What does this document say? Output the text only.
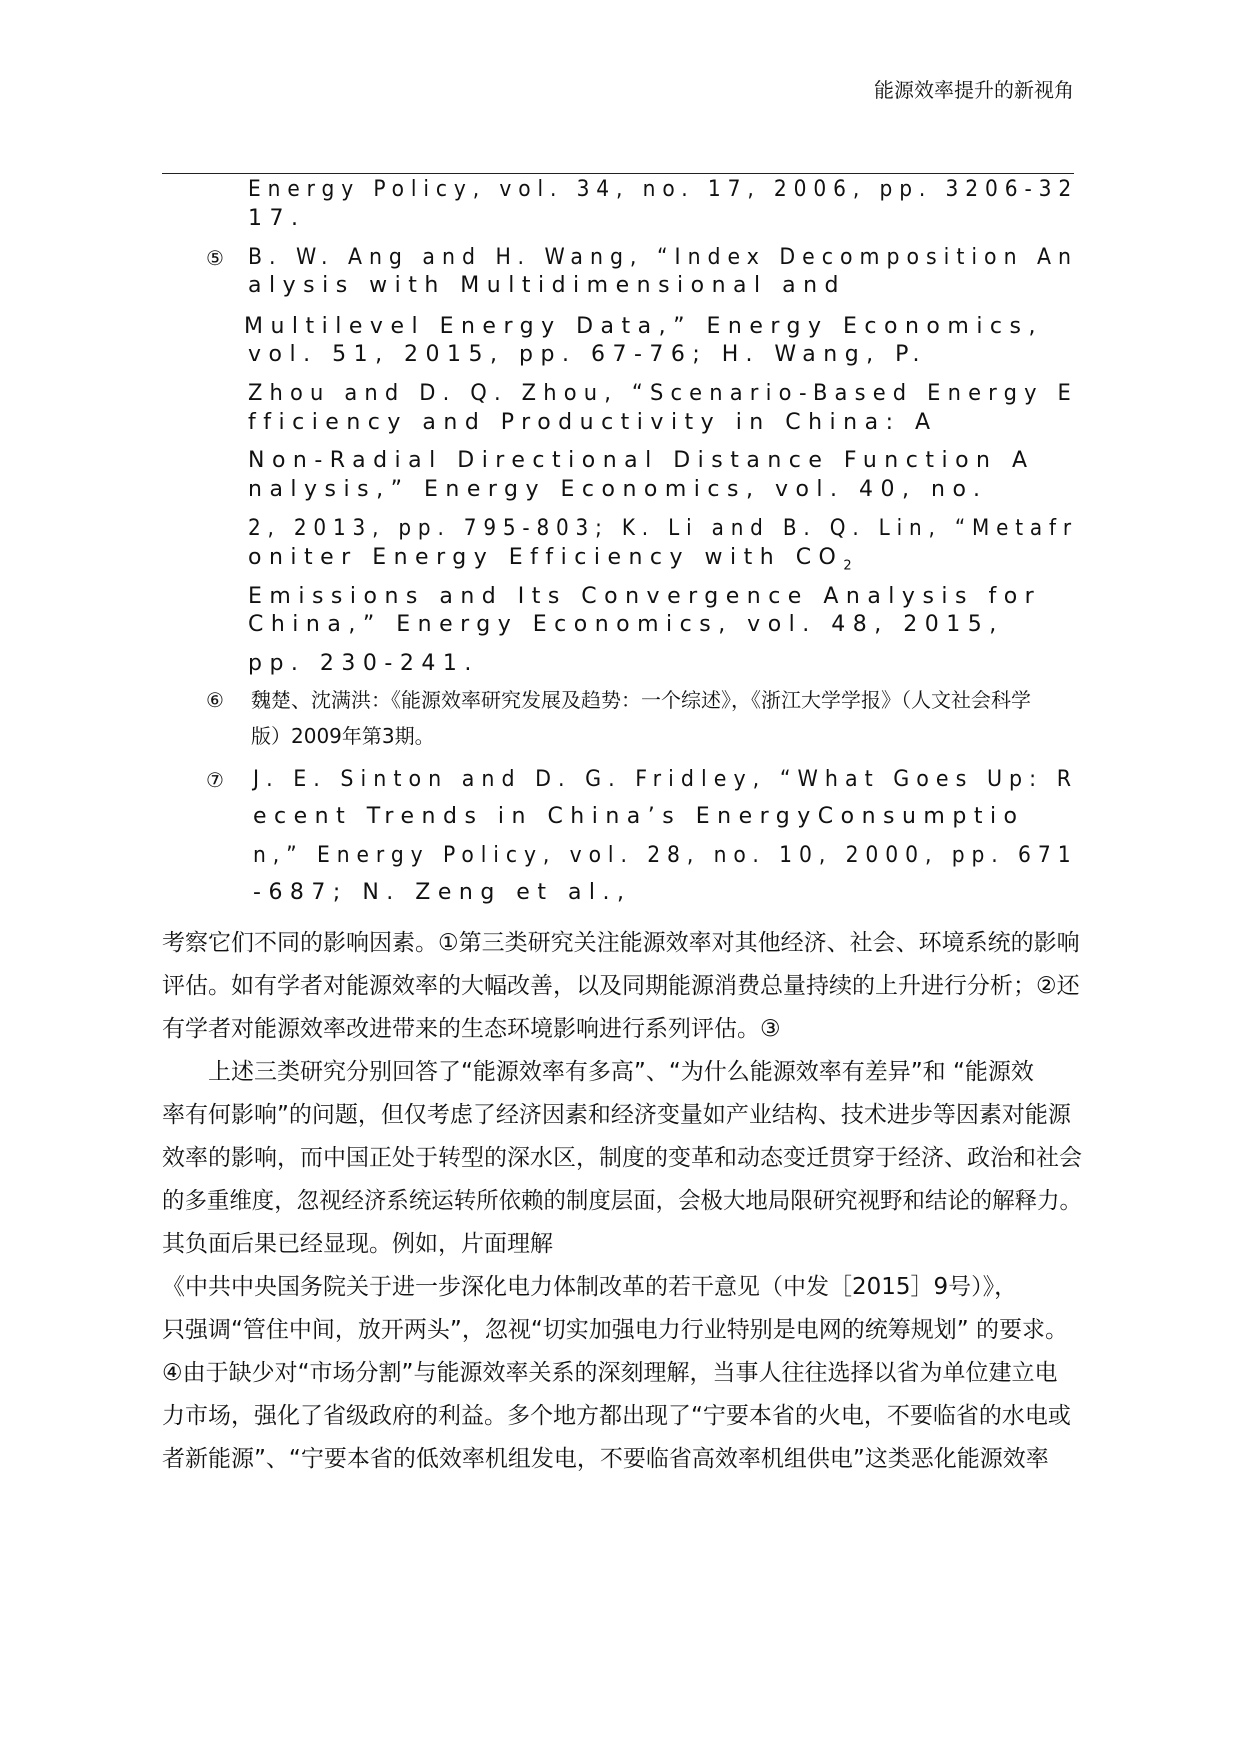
能源效率提升的新视角
Energy Policy, vol. 34, no. 17, 2006, pp. 3206-32
17.
⑤ B. W. Ang and H. Wang, “Index Decomposition An
alysis with Multidimensional and
Multilevel Energy Data,” Energy Economics,
vol. 51, 2015, pp. 67-76; H. Wang, P.
Zhou and D. Q. Zhou, “Scenario-Based Energy E
fficiency and Productivity in China: A
Non-Radial Directional Distance Function A
nalysis,” Energy Economics, vol. 40, no.
2, 2013, pp. 795-803; K. Li and B. Q. Lin, “Metafr
oniter Energy Efficiency with $CO_2$
Emissions and Its Convergence Analysis for
China,” Energy Economics, vol. 48, 2015,
pp. 230-241.
⑥ 魏楚、沈满洪：《能源效率研究发展及趋势：一个综述》，《浙江大学学报》（人文社会科学
版）2009年第3期。
⑦ J. E. Sinton and D. G. Fridley, “What Goes Up: R
ecent Trends in China’s EnergyConsumptio
n,” Energy Policy, vol. 28, no. 10, 2000, pp. 671
-687; N. Zeng et al.,
考察它们不同的影响因素。①第三类研究关注能源效率对其他经济、社会、环境系统的影响
评估。如有学者对能源效率的大幅改善，以及同期能源消费总量持续的上升进行分析；②还
有学者对能源效率改进带来的生态环境影响进行系列评估。③
　　上述三类研究分别回答了“能源效率有多高”、“为什么能源效率有差异”和 “能源效
率有何影响”的问题，但仅考虑了经济因素和经济变量如产业结构、技术进步等因素对能源
效率的影响，而中国正处于转型的深水区，制度的变革和动态变迁贯穿于经济、政治和社会
的多重维度，忽视经济系统运转所依赖的制度层面，会极大地局限研究视野和结论的解释力。
其负面后果已经显现。例如，片面理解
《中共中央国务院关于进一步深化电力体制改革的若干意见（中发［2015］9号）》，
只强调“管住中间，放开两头”，忽视“切实加强电力行业特别是电网的统筹规划” 的要求。
④由于缺少对“市场分割”与能源效率关系的深刻理解，当事人往往选择以省为单位建立电
力市场，强化了省级政府的利益。多个地方都出现了“宁要本省的火电，不要临省的水电或
者新能源”、“宁要本省的低效率机组发电，不要临省高效率机组供电”这类恶化能源效率
